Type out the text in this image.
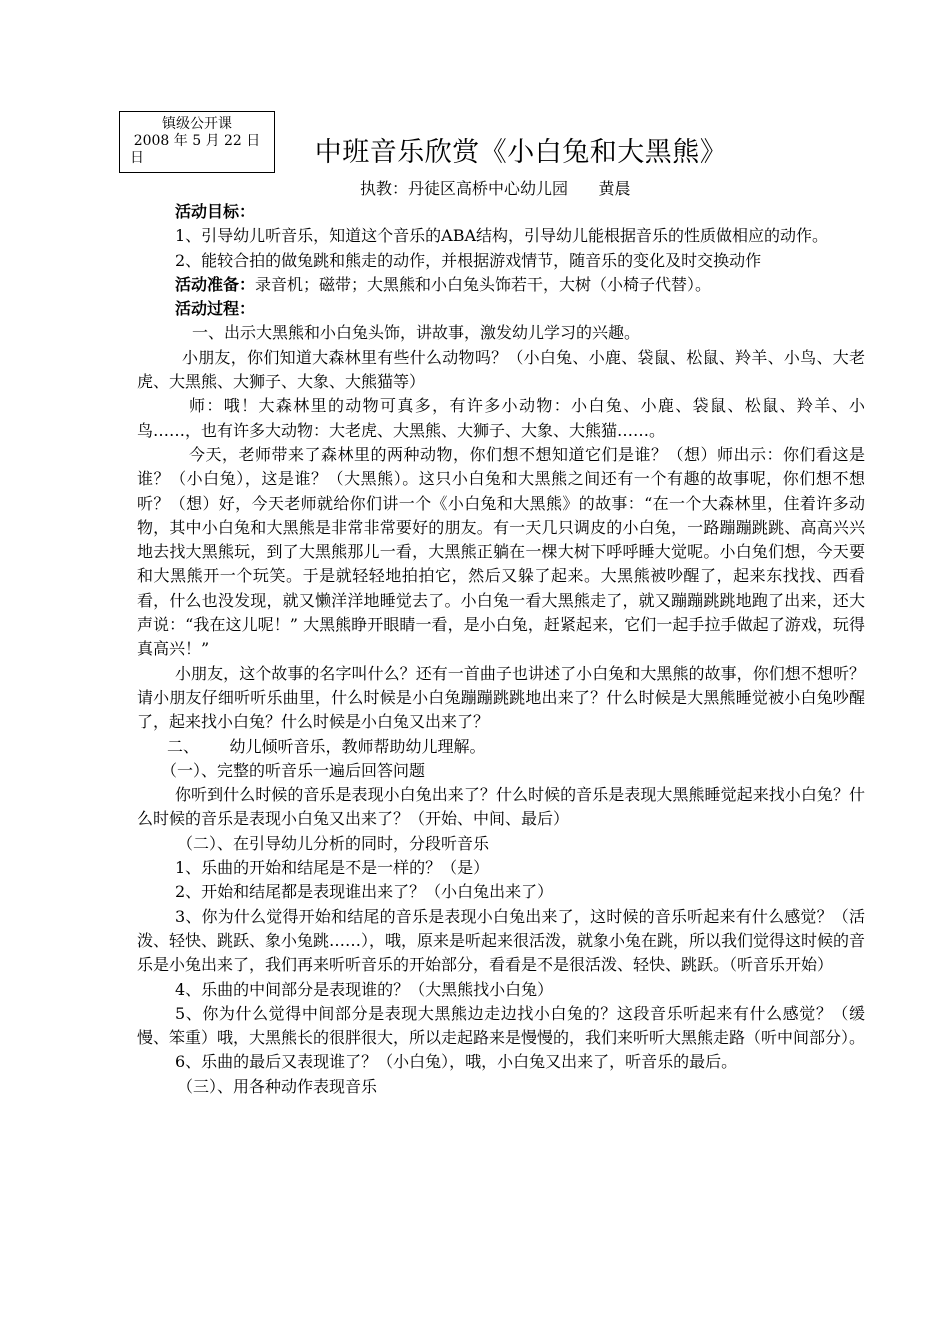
镇级公开课
2008 年 5 月 22 日
日	中班音乐欣赏《小白兔和大黑熊》
执教：丹徒区高桥中心幼儿园      黄晨

活动目标：

1、引导幼儿听音乐，知道这个音乐的ABA结构，引导幼儿能根据音乐的性质做相应的动作。

2、能较合拍的做兔跳和熊走的动作，并根据游戏情节，随音乐的变化及时交换动作

活动准备：录音机；磁带；大黑熊和小白兔头饰若干，大树（小椅子代替）。

活动过程：

一、出示大黑熊和小白兔头饰，讲故事，激发幼儿学习的兴趣。

小朋友，你们知道大森林里有些什么动物吗？（小白兔、小鹿、袋鼠、松鼠、羚羊、小鸟、大老虎、大黑熊、大狮子、大象、大熊猫等）

师：哦！大森林里的动物可真多，有许多小动物：小白兔、小鹿、袋鼠、松鼠、羚羊、小鸟……，也有许多大动物：大老虎、大黑熊、大狮子、大象、大熊猫……。

今天，老师带来了森林里的两种动物，你们想不想知道它们是谁？（想）师出示：你们看这是谁？（小白兔），这是谁？（大黑熊）。这只小白兔和大黑熊之间还有一个有趣的故事呢，你们想不想听？（想）好，今天老师就给你们讲一个《小白兔和大黑熊》的故事：“在一个大森林里，住着许多动物，其中小白兔和大黑熊是非常非常要好的朋友。有一天几只调皮的小白兔，一路蹦蹦跳跳、高高兴兴地去找大黑熊玩，到了大黑熊那儿一看，大黑熊正躺在一棵大树下呼呼睡大觉呢。小白兔们想，今天要和大黑熊开一个玩笑。于是就轻轻地拍拍它，然后又躲了起来。大黑熊被吵醒了，起来东找找、西看看，什么也没发现，就又懒洋洋地睡觉去了。小白兔一看大黑熊走了，就又蹦蹦跳跳地跑了出来，还大声说：“我在这儿呢！” 大黑熊睁开眼睛一看，是小白兔，赶紧起来，它们一起手拉手做起了游戏，玩得真高兴！”

小朋友，这个故事的名字叫什么？还有一首曲子也讲述了小白兔和大黑熊的故事，你们想不想听？请小朋友仔细听听乐曲里，什么时候是小白兔蹦蹦跳跳地出来了？什么时候是大黑熊睡觉被小白兔吵醒了，起来找小白兔？什么时候是小白兔又出来了？

二、      幼儿倾听音乐，教师帮助幼儿理解。

（一）、完整的听音乐一遍后回答问题

你听到什么时候的音乐是表现小白兔出来了？什么时候的音乐是表现大黑熊睡觉起来找小白兔？什么时候的音乐是表现小白兔又出来了？（开始、中间、最后）

（二）、在引导幼儿分析的同时，分段听音乐

1、乐曲的开始和结尾是不是一样的？（是）

2、开始和结尾都是表现谁出来了？（小白兔出来了）

3、你为什么觉得开始和结尾的音乐是表现小白兔出来了，这时候的音乐听起来有什么感觉？（活泼、轻快、跳跃、象小兔跳……），哦，原来是听起来很活泼，就象小兔在跳，所以我们觉得这时候的音乐是小兔出来了，我们再来听听音乐的开始部分，看看是不是很活泼、轻快、跳跃。（听音乐开始）

4、乐曲的中间部分是表现谁的？（大黑熊找小白兔）

5、你为什么觉得中间部分是表现大黑熊边走边找小白兔的？这段音乐听起来有什么感觉？（缓慢、笨重）哦，大黑熊长的很胖很大，所以走起路来是慢慢的，我们来听听大黑熊走路（听中间部分）。

6、乐曲的最后又表现谁了？（小白兔），哦，小白兔又出来了，听音乐的最后。

（三）、用各种动作表现音乐
